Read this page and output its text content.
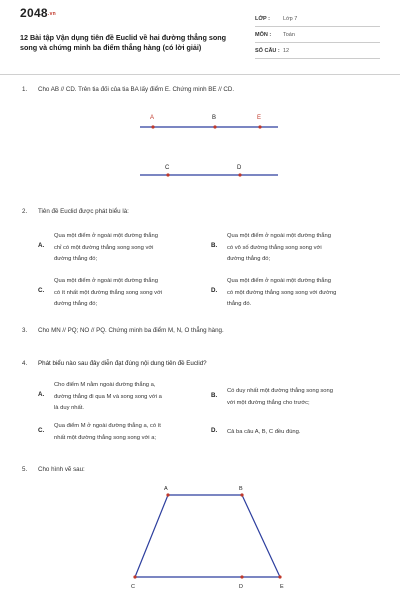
2048.vn
12 Bài tập Vận dụng tiên đề Euclid về hai đường thẳng song song và chứng minh ba điểm thẳng hàng (có lời giải)
LỚP : Lớp 7
MÔN : Toán
SỐ CÂU : 12
1. Cho AB // CD. Trên tia đối của tia BA lấy điểm E. Chứng minh BE // CD.
A	B	E
C	D
2. Tiên đề Euclid được phát biểu là:
A.
Qua một điểm ở ngoài một đường thẳng
chỉ có một đường thẳng song song với
đường thẳng đó;
B.
Qua một điểm ở ngoài một đường thẳng
có vô số đường thẳng song song với
đường thẳng đó;
C.
Qua một điểm ở ngoài một đường thẳng
có ít nhất một đường thẳng song song với
đường thẳng đó;
D.
Qua một điểm ở ngoài một đường thẳng
có một đường thẳng song song với đường
thẳng đó.
3. Cho MN // PQ; NO // PQ. Chứng minh ba điểm M, N, O thẳng hàng.
4. Phát biểu nào sau đây diễn đạt đúng nội dung tiên đề Euclid?
A.
Cho điểm M nằm ngoài đường thẳng a,
đường thẳng đi qua M và song song với a
là duy nhất.
B.
Có duy nhất một đường thẳng song song
với một đường thẳng cho trước;
C.
Qua điểm M ở ngoài đường thẳng a, có ít
nhất một đường thẳng song song với a;
D. Cả ba câu A, B, C đều đúng.
5. Cho hình vẽ sau:
A	B
C	D	E
